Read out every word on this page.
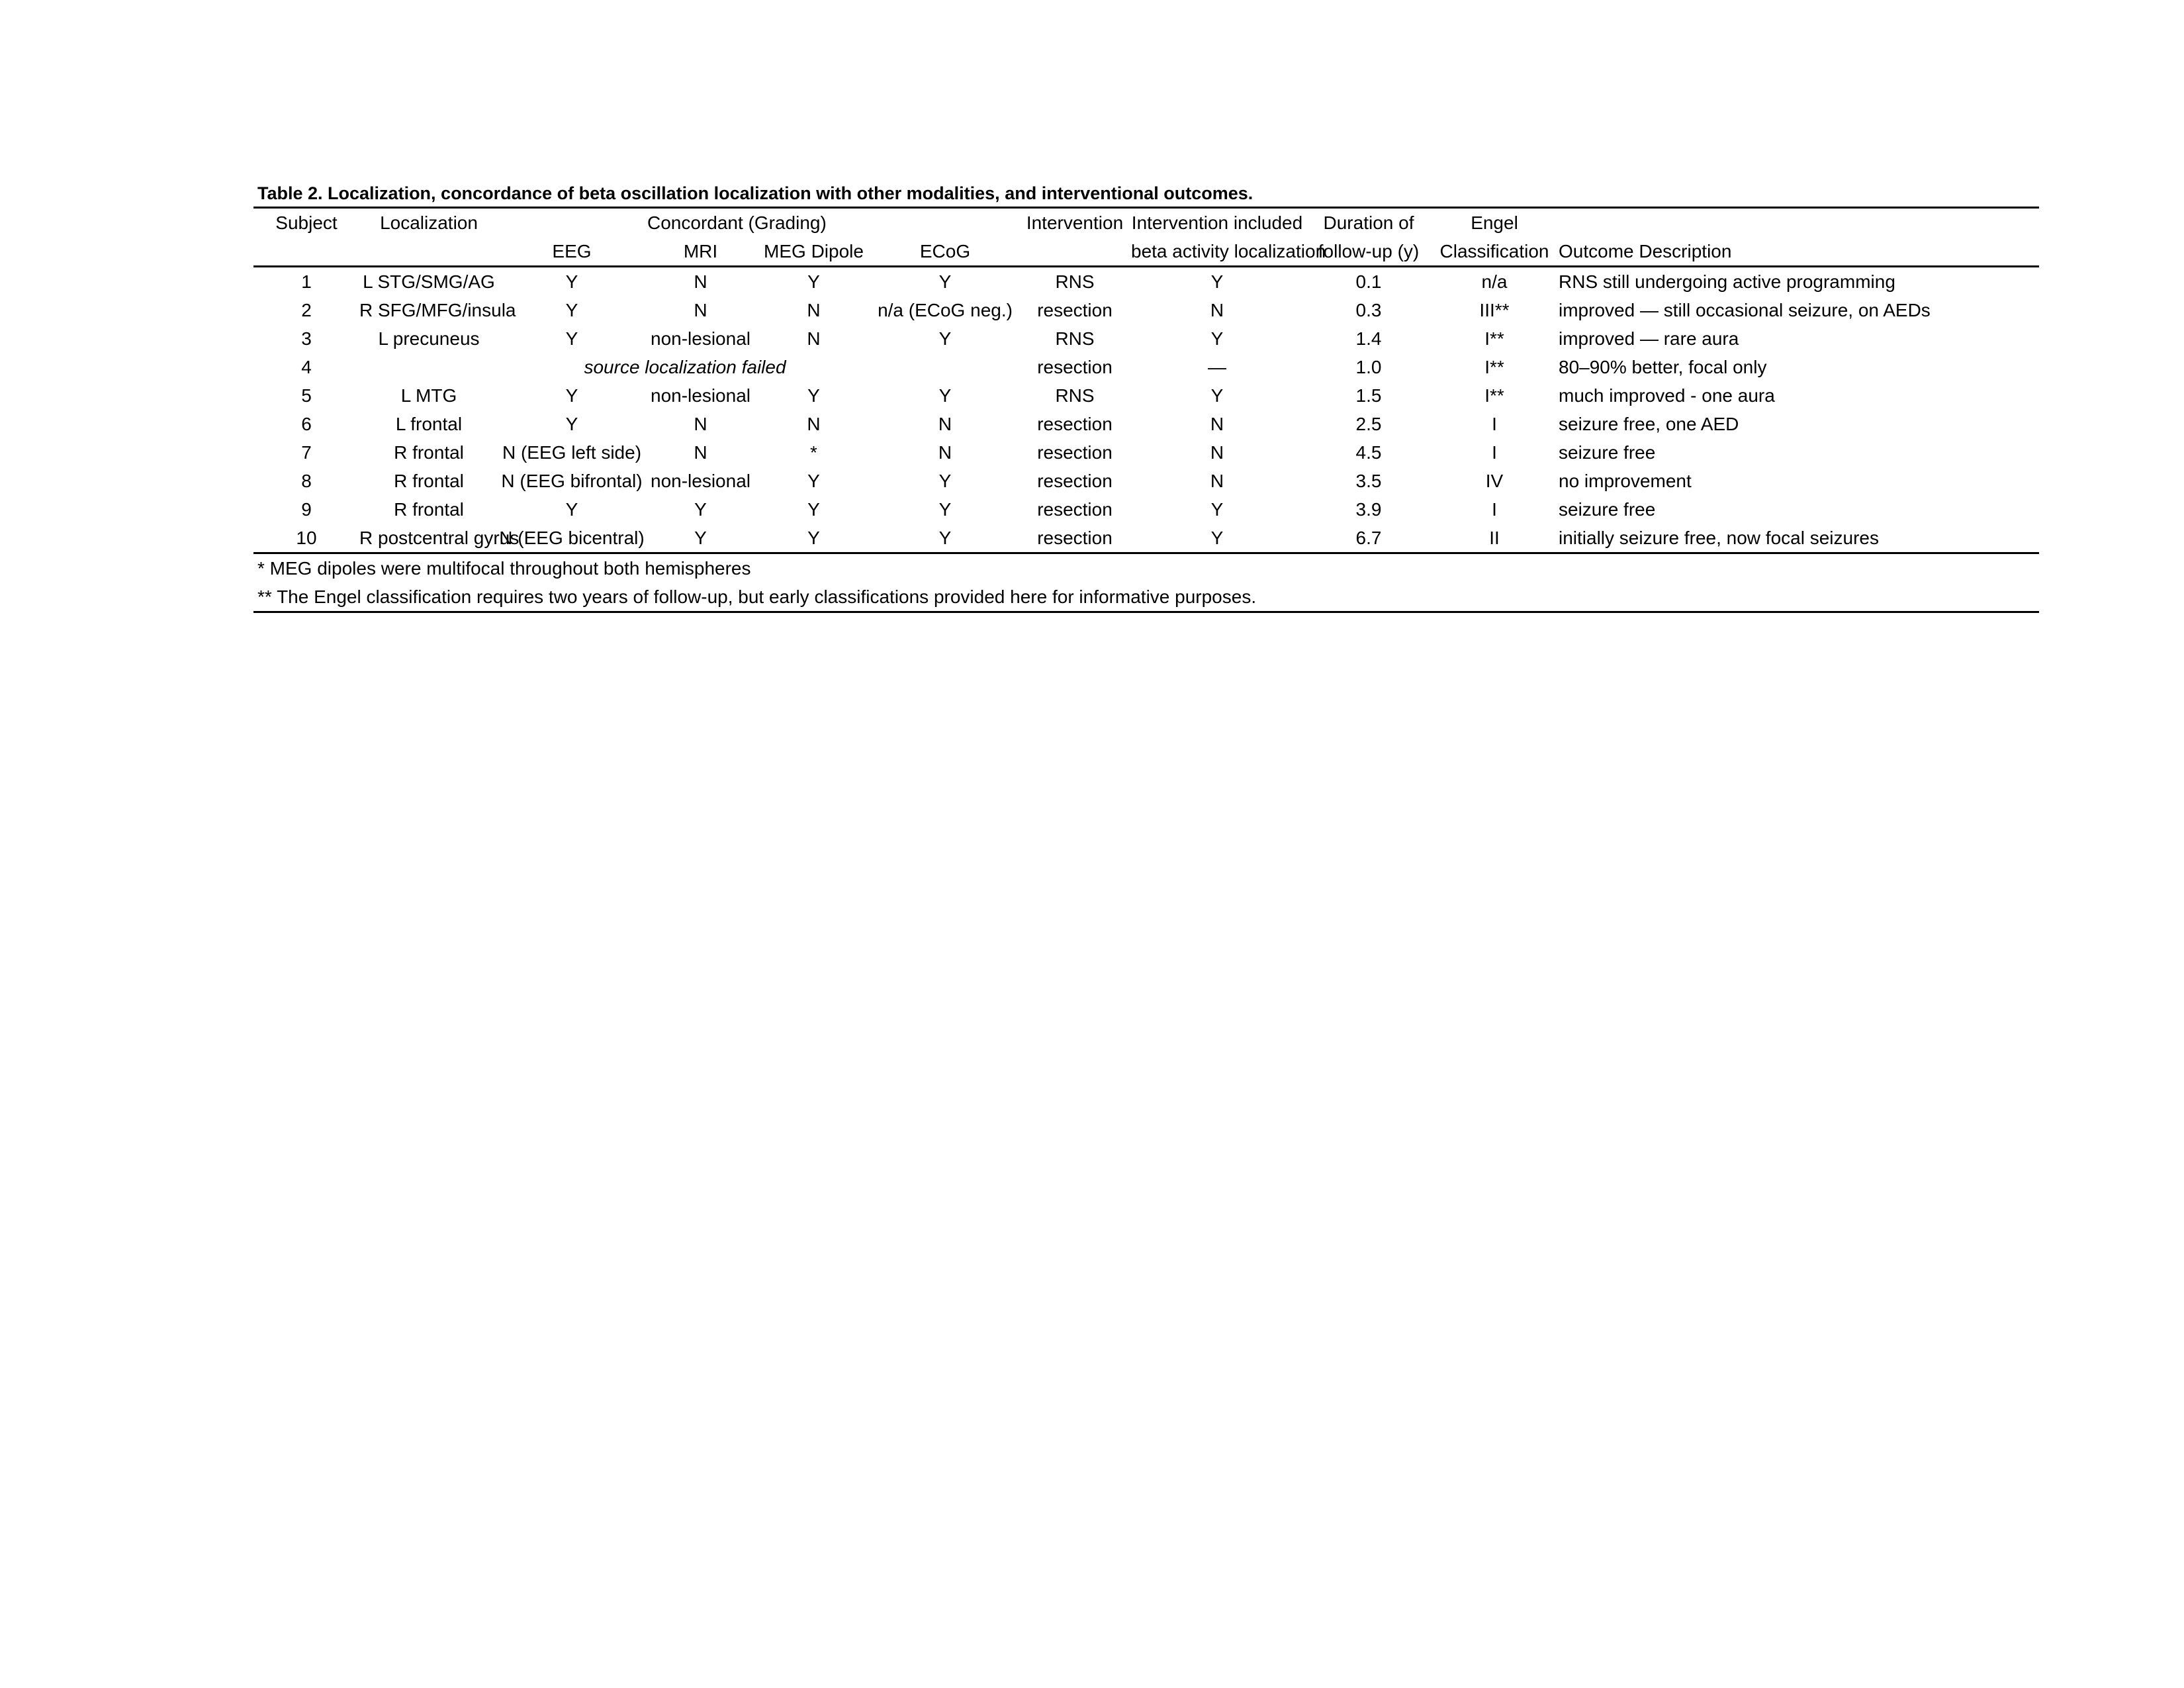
Table 2. Localization, concordance of beta oscillation localization with other modalities, and interventional outcomes.
Subject	Localization	Concordant (Grading)				Intervention	Intervention included	Duration of	Engel	
		EEG	MRI	MEG Dipole	ECoG		beta activity localization	follow-up (y)	Classification	Outcome Description
1	L STG/SMG/AG	Y	N	Y	Y	RNS	Y	0.1	n/a	RNS still undergoing active programming
2	R SFG/MFG/insula	Y	N	N	n/a (ECoG neg.)	resection	N	0.3	III**	improved — still occasional seizure, on AEDs
3	L precuneus	Y	non-lesional	N	Y	RNS	Y	1.4	I**	improved — rare aura
4		source localization failed				resection	—	1.0	I**	80–90% better, focal only
5	L MTG	Y	non-lesional	Y	Y	RNS	Y	1.5	I**	much improved - one aura
6	L frontal	Y	N	N	N	resection	N	2.5	I	seizure free, one AED
7	R frontal	N (EEG left side)	N	*	N	resection	N	4.5	I	seizure free
8	R frontal	N (EEG bifrontal)	non-lesional	Y	Y	resection	N	3.5	IV	no improvement
9	R frontal	Y	Y	Y	Y	resection	Y	3.9	I	seizure free
10	R postcentral gyrus	N (EEG bicentral)	Y	Y	Y	resection	Y	6.7	II	initially seizure free, now focal seizures
* MEG dipoles were multifocal throughout both hemispheres										
** The Engel classification requires two years of follow-up, but early classifications provided here for informative purposes.										
